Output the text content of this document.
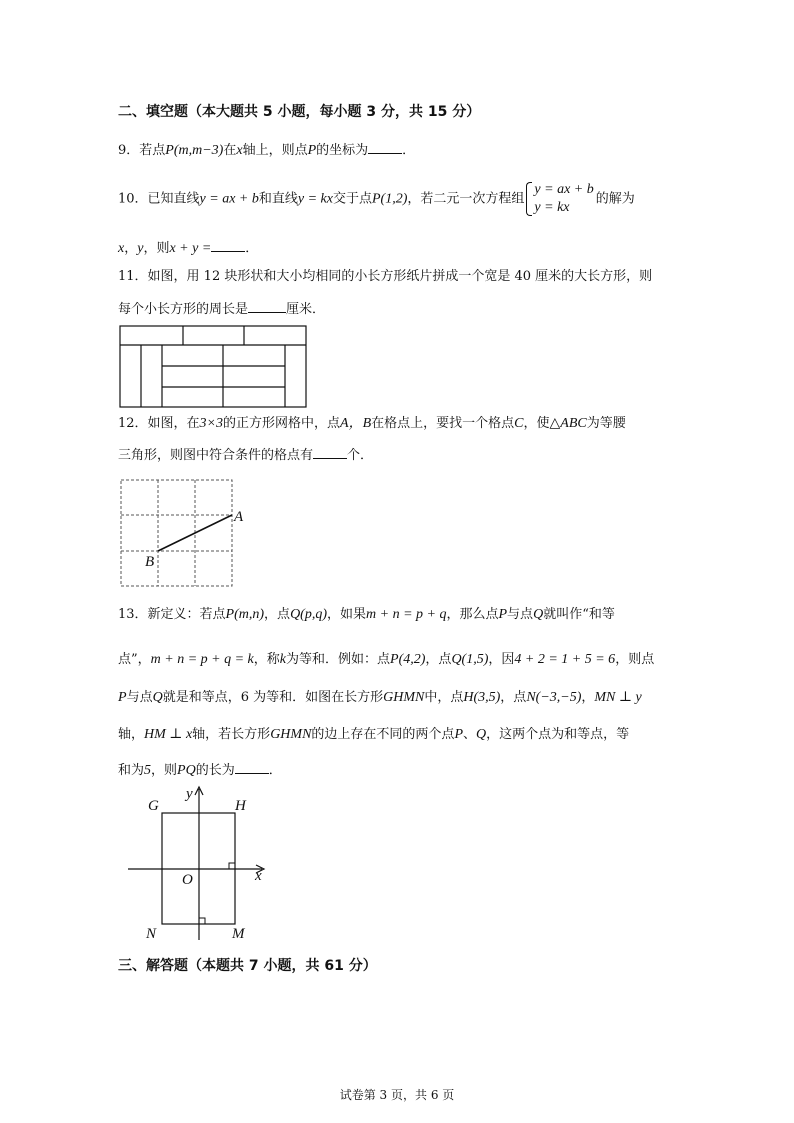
二、填空题（本大题共 5 小题，每小题 3 分，共 15 分）
9．若点P(m,m−3)在x轴上，则点P的坐标为	．
10．已知直线y = ax + b和直线y = kx交于点P(1,2)，若二元一次方程组
y = ax + b
y = kx
的解为
x，y，则x + y =	．
11．如图，用 12 块形状和大小均相同的小长方形纸片拼成一个宽是 40 厘米的大长方形，则
每个小长方形的周长是	厘米．
12．如图，在3×3的正方形网格中，点A，B在格点上，要找一个格点C，使△ABC为等腰
三角形，则图中符合条件的格点有	个．
A
B
13．新定义：若点P(m,n)，点Q(p,q)，如果m + n = p + q，那么点P与点Q就叫作“和等
点”，m + n = p + q = k，称k为等和．例如：点P(4,2)，点Q(1,5)，因4 + 2 = 1 + 5 = 6，则点
P与点Q就是和等点，6 为等和．如图在长方形GHMN中，点H(3,5)，点N(−3,−5)，MN ⊥ y
轴，HM ⊥ x轴，若长方形GHMN的边上存在不同的两个点P、Q，这两个点为和等点，等
和为5，则PQ的长为	．
G	H
N	M
O	x
y
三、解答题（本题共 7 小题，共 61 分）
试卷第 3 页，共 6 页
